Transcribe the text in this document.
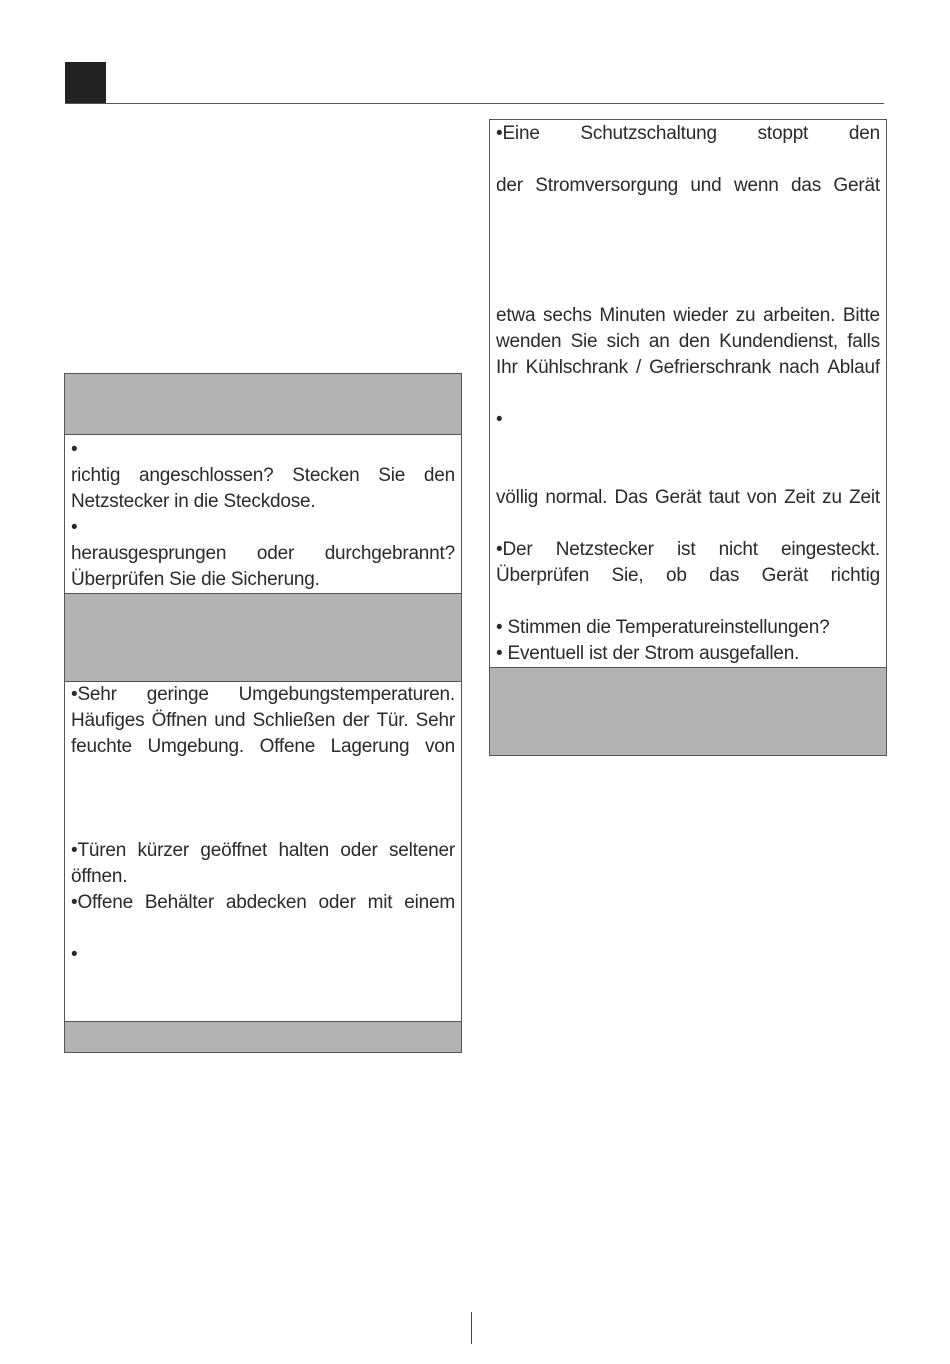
•
richtig angeschlossen? Stecken Sie den
Netzstecker in die Steckdose.
•
herausgesprungen oder durchgebrannt?
Überprüfen Sie die Sicherung.
•Sehr geringe Umgebungstemperaturen.
Häufiges Öffnen und Schließen der Tür. Sehr
feuchte Umgebung. Offene Lagerung von
•Türen kürzer geöffnet halten oder seltener
öffnen.
•Offene Behälter abdecken oder mit einem
•
•Eine Schutzschaltung stoppt den
der Stromversorgung und wenn das Gerät
etwa sechs Minuten wieder zu arbeiten. Bitte
wenden Sie sich an den Kundendienst, falls
Ihr Kühlschrank / Gefrierschrank nach Ablauf
•
völlig normal. Das Gerät taut von Zeit zu Zeit
•Der Netzstecker ist nicht eingesteckt.
Überprüfen Sie, ob das Gerät richtig
• Stimmen die Temperatureinstellungen?
• Eventuell ist der Strom ausgefallen.
